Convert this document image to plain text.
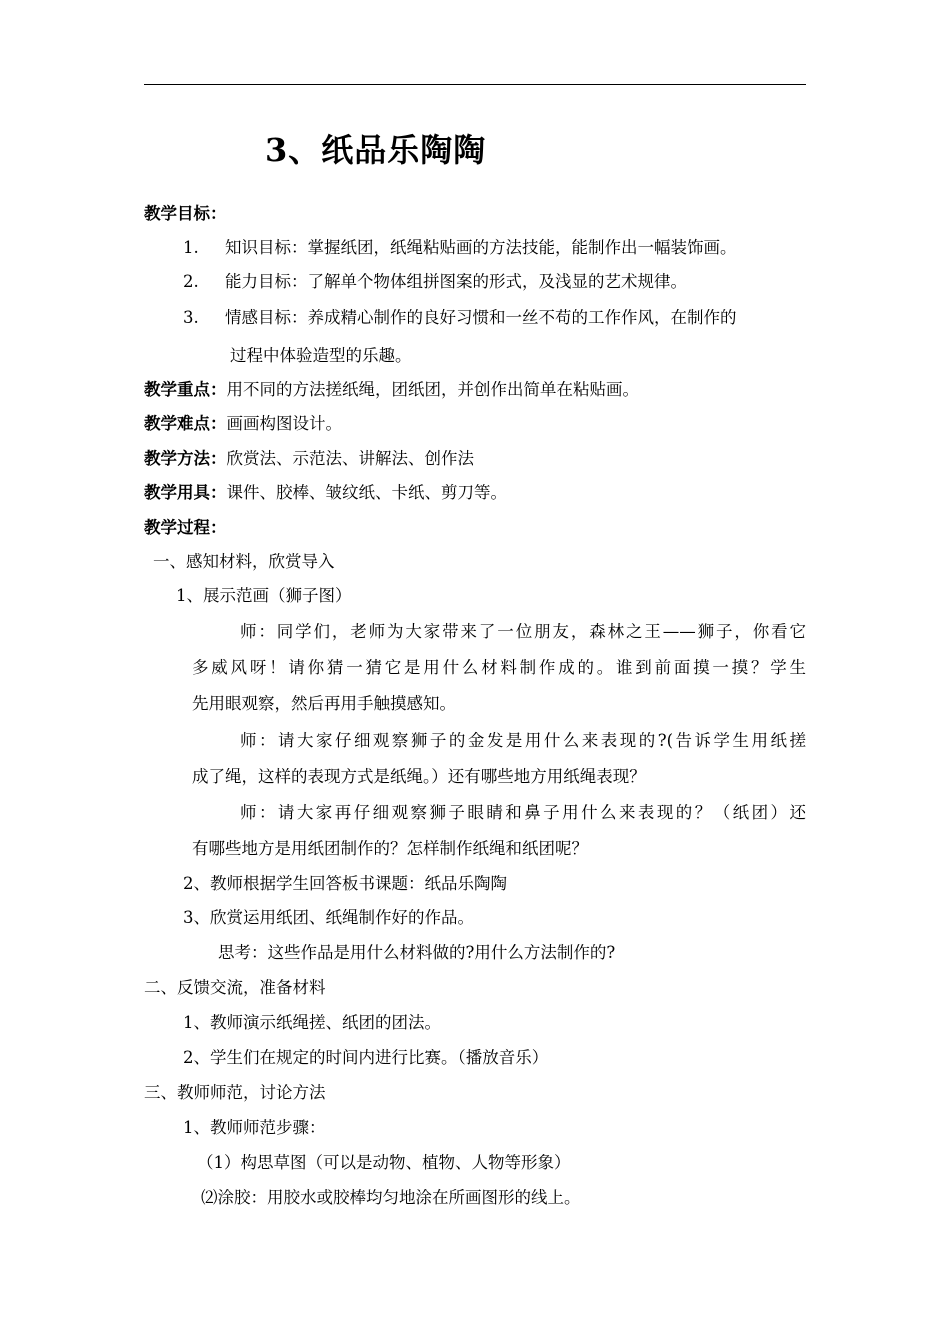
3、纸品乐陶陶
教学目标：
1. 知识目标：掌握纸团，纸绳粘贴画的方法技能，能制作出一幅装饰画。
2. 能力目标：了解单个物体组拼图案的形式，及浅显的艺术规律。
3. 情感目标：养成精心制作的良好习惯和一丝不苟的工作作风，在制作的
过程中体验造型的乐趣。
教学重点：用不同的方法搓纸绳，团纸团，并创作出简单在粘贴画。
教学难点：画画构图设计。
教学方法：欣赏法、示范法、讲解法、创作法
教学用具：课件、胶棒、皱纹纸、卡纸、剪刀等。
教学过程：
一、感知材料，欣赏导入
1、展示范画（狮子图）
师：同学们，老师为大家带来了一位朋友，森林之王——狮子，你看它
多威风呀！请你猜一猜它是用什么材料制作成的。谁到前面摸一摸？学生
先用眼观察，然后再用手触摸感知。
师：请大家仔细观察狮子的金发是用什么来表现的?(告诉学生用纸搓
成了绳，这样的表现方式是纸绳。）还有哪些地方用纸绳表现？
师：请大家再仔细观察狮子眼睛和鼻子用什么来表现的？（纸团）还
有哪些地方是用纸团制作的？怎样制作纸绳和纸团呢？
2、教师根据学生回答板书课题：纸品乐陶陶
3、欣赏运用纸团、纸绳制作好的作品。
思考：这些作品是用什么材料做的?用什么方法制作的?
二、反馈交流，准备材料
1、教师演示纸绳搓、纸团的团法。
2、学生们在规定的时间内进行比赛。（播放音乐）
三、教师师范，讨论方法
1、教师师范步骤：
（1）构思草图（可以是动物、植物、人物等形象）
⑵涂胶：用胶水或胶棒均匀地涂在所画图形的线上。
